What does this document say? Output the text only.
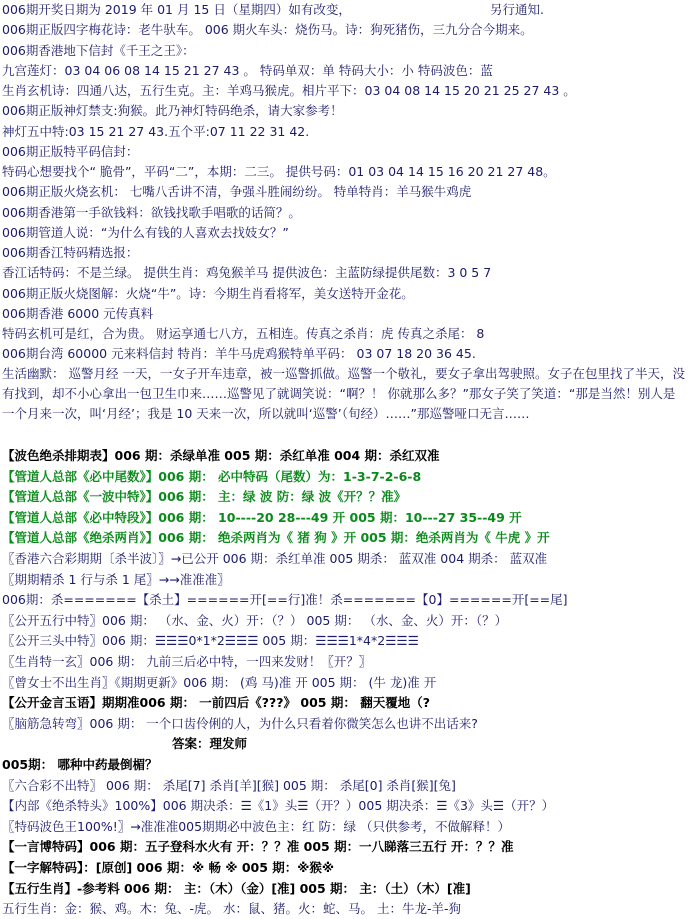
006期开奖日期为 2019 年 01 月 15 日（星期四）如有改变，	另行通知.
006期正版四字梅花诗：老牛驮车。 006 期火车头：烧伤马。诗：狗死猪伤，三九分合今期来。
006期香港地下信封《千王之王》：
九宫莲灯：03 04 06 08 14 15 21 27 43 。 特码单双：单 特码大小：小 特码波色：蓝
生肖玄机诗：四通八达，五行生克。主：羊鸡马猴虎。相片平下：03 04 08 14 15 20 21 25 27 43 。
006期正版神灯禁支:狗猴。此乃神灯特码绝杀，请大家参考！
神灯五中特:03 15 21 27 43.五个平:07 11 22 31 42.
006期正版特平码信封：
特码心想要找个“ 脆骨”，平码“二”，本期：二三。 提供号码：01 03 04 14 15 16 20 21 27 48。
006期正版火烧玄机： 七嘴八舌讲不清，争强斗胜闹纷纷。 特单特肖：羊马猴牛鸡虎
006期香港第一手欲钱料：欲钱找歌手唱歌的话简？。
006期管道人说：“为什么有钱的人喜欢去找妓女？”
006期香江特码精选报：
香江话特码：不是兰绿。 提供生肖：鸡兔猴羊马 提供波色：主蓝防绿提供尾数：3 0 5 7
006期正版火烧图解：火烧“牛”。诗：今期生肖看将军，美女送特开金花。
006期香港 6000 元传真料
特码玄机可是红，合为贵。 财运享通七八方，五相连。传真之杀肖：虎 传真之杀尾： 8
006期台湾 60000 元来料信封 特肖：羊牛马虎鸡猴特单平码： 03 07 18 20 36 45.
生活幽默： 巡警月经 一天，一女子开车违章，被一巡警抓做。巡警一个敬礼，要女子拿出驾驶照。女子在包里找了半天，没有找到，却不小心拿出一包卫生巾来……巡警见了就调笑说：“啊？！ 你就那么多？”那女子笑了笑道：“那是当然！别人是一个月来一次，叫‘月经’；我是 10 天来一次，所以就叫‘巡警’（旬经）……”那巡警哑口无言……
【波色绝杀排期表】006 期：杀绿单准 005 期：杀红单准 004 期：杀红双准
【管道人总部《必中尾数》】006 期： 必中特码（尾数）为：1-3-7-2-6-8
【管道人总部《一波中特》】006 期： 主：绿 波 防：绿 波《开？？准》
【管道人总部《必中特段》】006 期： 10----20 28---49 开 005 期：10---27 35--49 开
【管道人总部《绝杀两肖》】006 期： 绝杀两肖为《 猪 狗 》开 005 期：绝杀两肖为《 牛虎 》开
〖香港六合彩期期〔杀半波〕〗→已公开 006 期：杀红单准 005 期杀： 蓝双准 004 期杀： 蓝双准
〖期期精杀 1 行与杀 1 尾〗→→准准准〗
006期：杀=======【杀土】======开[==行]准！杀=======【0】======开[==尾]
〖公开五行中特〗006 期： （水、金、火）开：（？） 005 期： （水、金、火）开：（？）
〖公开三头中特〗006 期：☰☰☰0*1*2☰☰☰ 005 期：☰☰☰1*4*2☰☰☰
〖生肖特一玄〗006 期： 九前三后必中特，一四来发财！〖开？〗
〖曾女士不出生肖〗《期期更新》006 期： (鸡 马)准 开 005 期： (牛 龙)准 开
【公开金言玉语】期期准006 期： 一前四后《???》 005 期： 翻天覆地（?
〖脑筋急转弯〗006 期： 一个口齿伶俐的人，为什么只看着你微笑怎么也讲不出话来?
答案：理发师
005期： 哪种中药最倒楣？
〖六合彩不出特〗 006 期： 杀尾[7] 杀肖[羊][猴] 005 期： 杀尾[0] 杀肖[猴][兔]
【内部《绝杀特头》100%】006 期决杀：☰《1》头☰（开？）005 期决杀：☰《3》头☰（开？）
〖特码波色王100%!〗→准准准005期期必中波色主：红 防：绿 （只供参考，不做解释！）
【一言博特码】006 期：五子登科水火有 开：？？准 005 期：一八睇落三五行 开：？？准
【一字解特码】：[原创] 006 期：※ 畅 ※ 005 期：※猴※
【五行生肖】-参考料 006 期： 主：（木）（金）[准] 005 期： 主：（土）（木）[准]
五行生肖：金：猴、鸡。木：兔、-虎。 水：鼠、猪。火：蛇、马。 土：牛龙-羊-狗
